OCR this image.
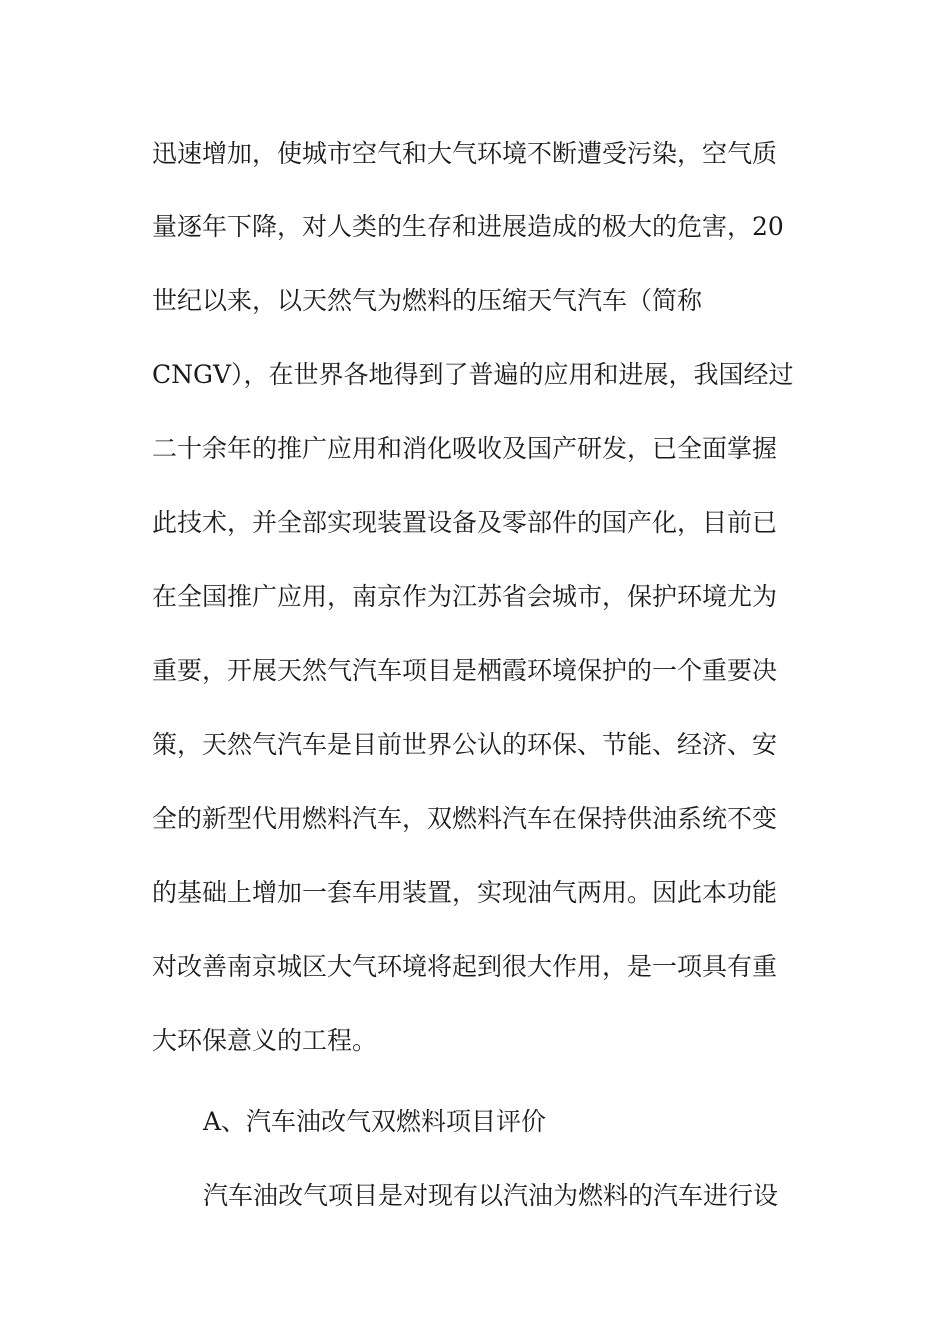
迅速增加，使城市空气和大气环境不断遭受污染，空气质
量逐年下降，对人类的生存和进展造成的极大的危害，20
世纪以来，以天然气为燃料的压缩天气汽车（简称
CNGV），在世界各地得到了普遍的应用和进展，我国经过
二十余年的推广应用和消化吸收及国产研发，已全面掌握
此技术，并全部实现装置设备及零部件的国产化，目前已
在全国推广应用，南京作为江苏省会城市，保护环境尤为
重要，开展天然气汽车项目是栖霞环境保护的一个重要决
策，天然气汽车是目前世界公认的环保、节能、经济、安
全的新型代用燃料汽车，双燃料汽车在保持供油系统不变
的基础上增加一套车用装置，实现油气两用。因此本功能
对改善南京城区大气环境将起到很大作用，是一项具有重
大环保意义的工程。
A、汽车油改气双燃料项目评价
汽车油改气项目是对现有以汽油为燃料的汽车进行设
